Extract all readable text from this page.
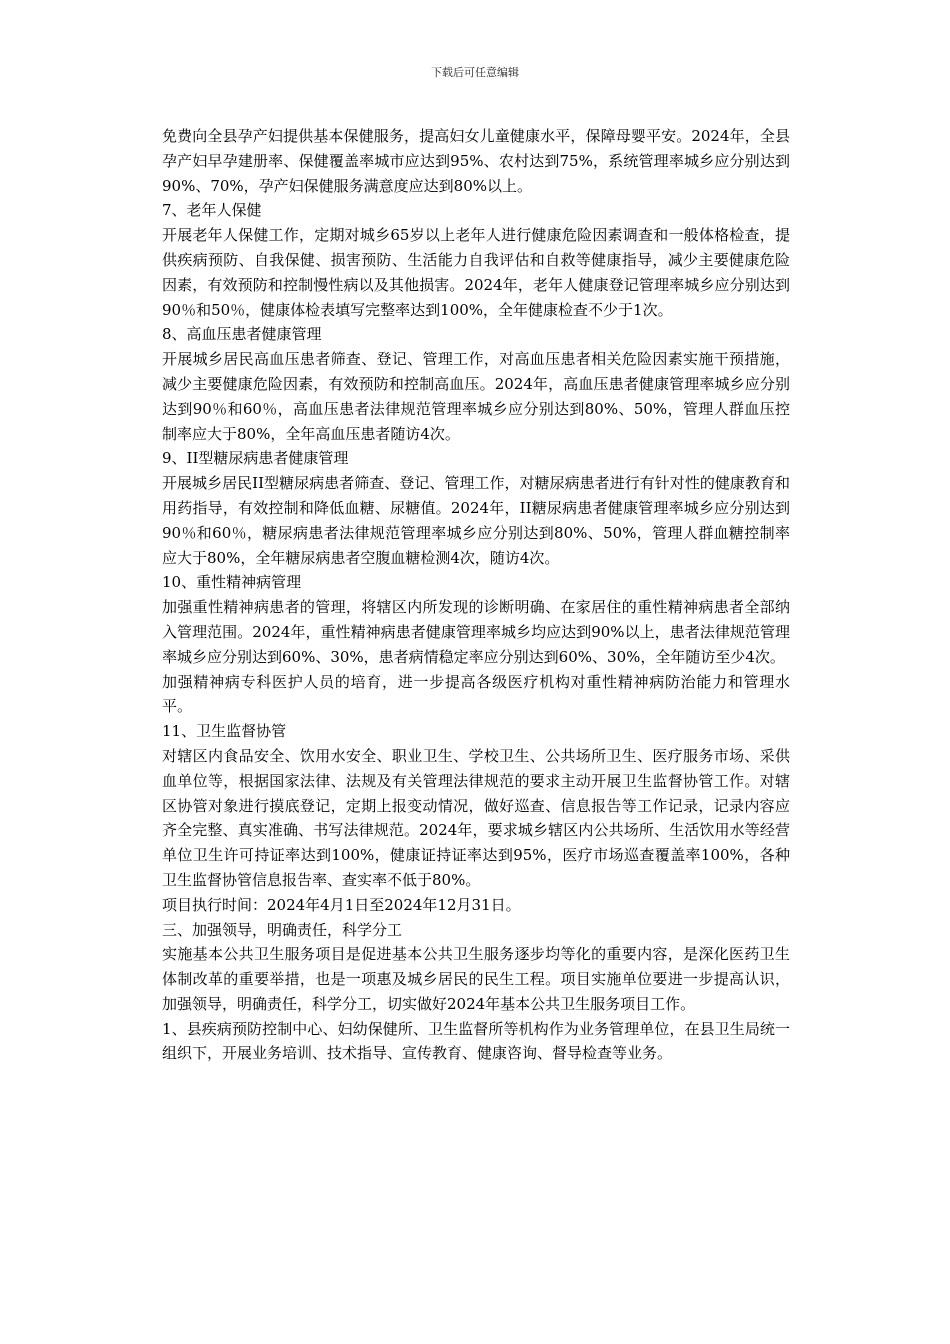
下载后可任意编辑

免费向全县孕产妇提供基本保健服务，提高妇女儿童健康水平，保障母婴平安。2024年，全县孕产妇早孕建册率、保健覆盖率城市应达到95%、农村达到75%，系统管理率城乡应分别达到90%、70%，孕产妇保健服务满意度应达到80%以上。

7、老年人保健

开展老年人保健工作，定期对城乡65岁以上老年人进行健康危险因素调查和一般体格检查，提供疾病预防、自我保健、损害预防、生活能力自我评估和自救等健康指导，减少主要健康危险因素，有效预防和控制慢性病以及其他损害。2024年，老年人健康登记管理率城乡应分别达到90％和50％，健康体检表填写完整率达到100%，全年健康检查不少于1次。

8、高血压患者健康管理

开展城乡居民高血压患者筛查、登记、管理工作，对高血压患者相关危险因素实施干预措施，减少主要健康危险因素，有效预防和控制高血压。2024年，高血压患者健康管理率城乡应分别达到90％和60％，高血压患者法律规范管理率城乡应分别达到80%、50%，管理人群血压控制率应大于80%，全年高血压患者随访4次。

9、II型糖尿病患者健康管理

开展城乡居民II型糖尿病患者筛查、登记、管理工作，对糖尿病患者进行有针对性的健康教育和用药指导，有效控制和降低血糖、尿糖值。2024年，II糖尿病患者健康管理率城乡应分别达到90％和60％，糖尿病患者法律规范管理率城乡应分别达到80%、50%，管理人群血糖控制率应大于80%，全年糖尿病患者空腹血糖检测4次，随访4次。

10、重性精神病管理

加强重性精神病患者的管理，将辖区内所发现的诊断明确、在家居住的重性精神病患者全部纳入管理范围。2024年，重性精神病患者健康管理率城乡均应达到90%以上，患者法律规范管理率城乡应分别达到60%、30%，患者病情稳定率应分别达到60%、30%，全年随访至少4次。

加强精神病专科医护人员的培育，进一步提高各级医疗机构对重性精神病防治能力和管理水平。

11、卫生监督协管

对辖区内食品安全、饮用水安全、职业卫生、学校卫生、公共场所卫生、医疗服务市场、采供血单位等，根据国家法律、法规及有关管理法律规范的要求主动开展卫生监督协管工作。对辖区协管对象进行摸底登记，定期上报变动情况，做好巡查、信息报告等工作记录，记录内容应齐全完整、真实准确、书写法律规范。2024年，要求城乡辖区内公共场所、生活饮用水等经营单位卫生许可持证率达到100%，健康证持证率达到95%，医疗市场巡查覆盖率100%，各种卫生监督协管信息报告率、查实率不低于80%。

项目执行时间：2024年4月1日至2024年12月31日。

三、加强领导，明确责任，科学分工

实施基本公共卫生服务项目是促进基本公共卫生服务逐步均等化的重要内容，是深化医药卫生体制改革的重要举措，也是一项惠及城乡居民的民生工程。项目实施单位要进一步提高认识，加强领导，明确责任，科学分工，切实做好2024年基本公共卫生服务项目工作。

1、县疾病预防控制中心、妇幼保健所、卫生监督所等机构作为业务管理单位，在县卫生局统一组织下，开展业务培训、技术指导、宣传教育、健康咨询、督导检查等业务。
